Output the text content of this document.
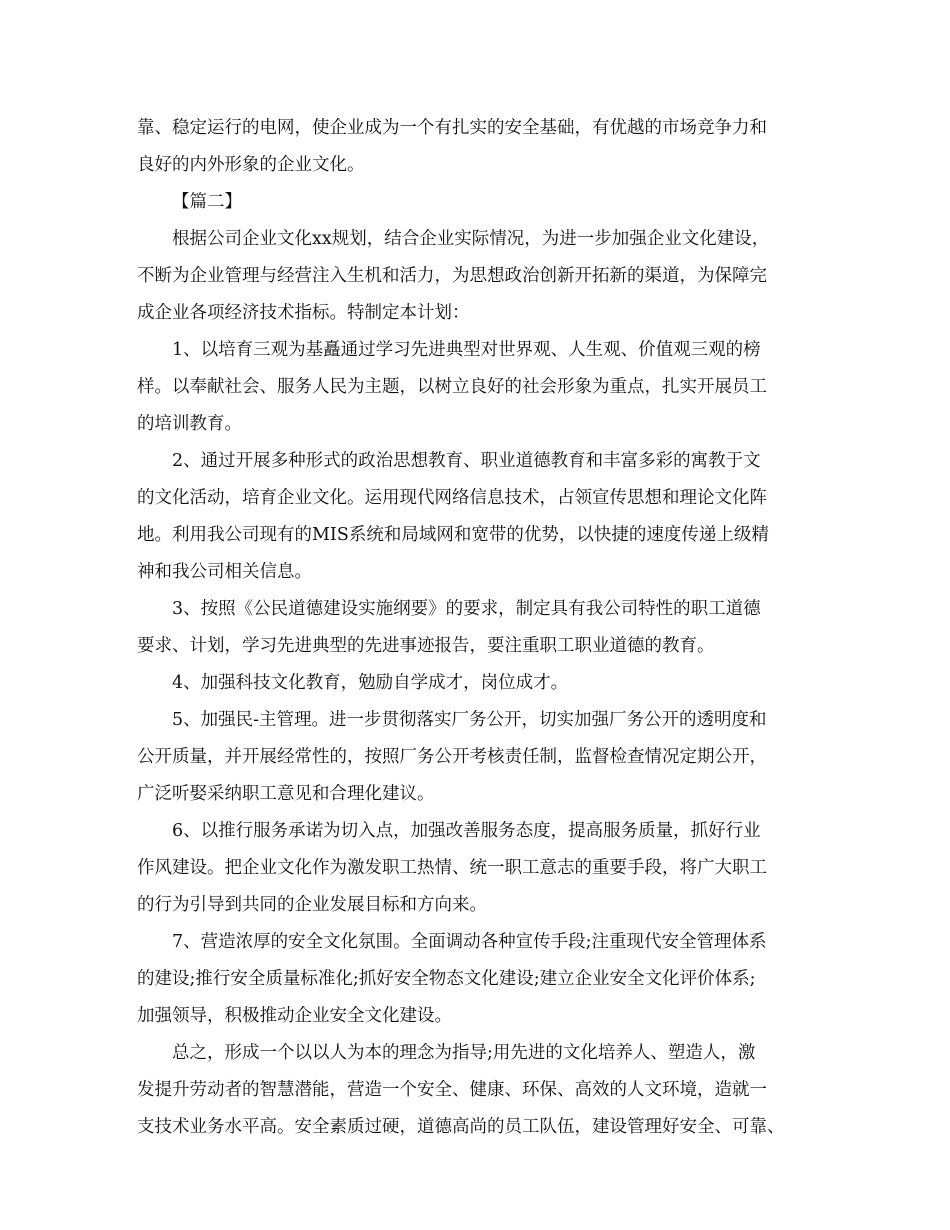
靠、稳定运行的电网，使企业成为一个有扎实的安全基础，有优越的市场竞争力和
良好的内外形象的企业文化。
【篇二】
根据公司企业文化xx规划，结合企业实际情况，为进一步加强企业文化建设，
不断为企业管理与经营注入生机和活力，为思想政治创新开拓新的渠道，为保障完
成企业各项经济技术指标。特制定本计划：
1、以培育三观为基矗通过学习先进典型对世界观、人生观、价值观三观的榜
样。以奉献社会、服务人民为主题，以树立良好的社会形象为重点，扎实开展员工
的培训教育。
2、通过开展多种形式的政治思想教育、职业道德教育和丰富多彩的寓教于文
的文化活动，培育企业文化。运用现代网络信息技术，占领宣传思想和理论文化阵
地。利用我公司现有的MIS系统和局域网和宽带的优势，以快捷的速度传递上级精
神和我公司相关信息。
3、按照《公民道德建设实施纲要》的要求，制定具有我公司特性的职工道德
要求、计划，学习先进典型的先进事迹报告，要注重职工职业道德的教育。
4、加强科技文化教育，勉励自学成才，岗位成才。
5、加强民-主管理。进一步贯彻落实厂务公开，切实加强厂务公开的透明度和
公开质量，并开展经常性的，按照厂务公开考核责任制，监督检查情况定期公开，
广泛听娶采纳职工意见和合理化建议。
6、以推行服务承诺为切入点，加强改善服务态度，提高服务质量，抓好行业
作风建设。把企业文化作为激发职工热情、统一职工意志的重要手段，将广大职工
的行为引导到共同的企业发展目标和方向来。
7、营造浓厚的安全文化氛围。全面调动各种宣传手段;注重现代安全管理体系
的建设;推行安全质量标准化;抓好安全物态文化建设;建立企业安全文化评价体系;
加强领导，积极推动企业安全文化建设。
总之，形成一个以以人为本的理念为指导;用先进的文化培养人、塑造人，激
发提升劳动者的智慧潜能，营造一个安全、健康、环保、高效的人文环境，造就一
支技术业务水平高。安全素质过硬，道德高尚的员工队伍，建设管理好安全、可靠、
